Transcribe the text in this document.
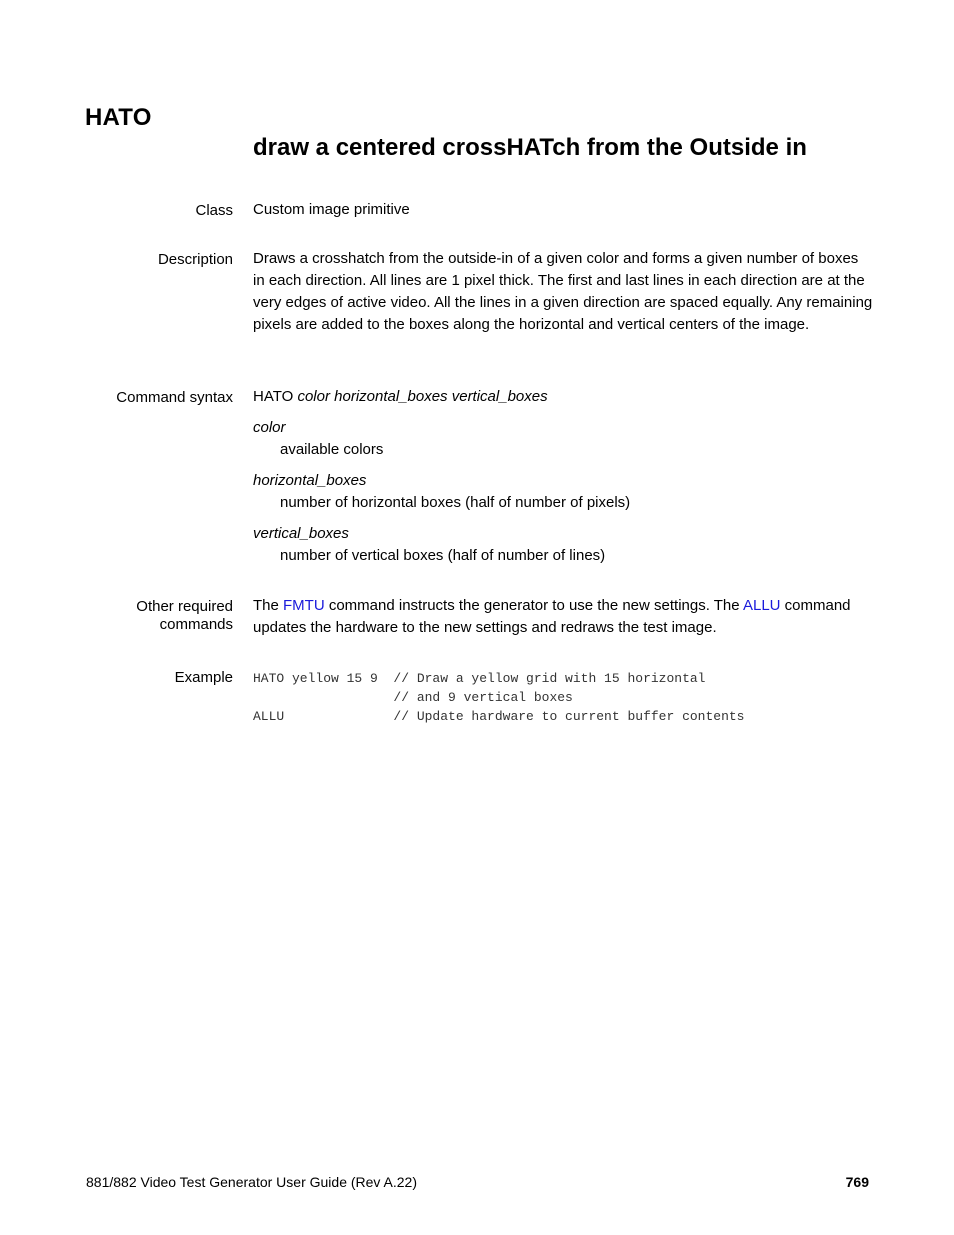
HATO
draw a centered crossHATch from the Outside in
Class Custom image primitive
Description Draws a crosshatch from the outside-in of a given color and forms a given number of boxes in each direction. All lines are 1 pixel thick. The first and last lines in each direction are at the very edges of active video. All the lines in a given direction are spaced equally. Any remaining pixels are added to the boxes along the horizontal and vertical centers of the image.
Command syntax HATO color horizontal_boxes vertical_boxes
color
available colors
horizontal_boxes
number of horizontal boxes (half of number of pixels)
vertical_boxes
number of vertical boxes (half of number of lines)
Other required
commands
The FMTU command instructs the generator to use the new settings. The ALLU command updates the hardware to the new settings and redraws the test image.
Example HATO yellow 15 9  // Draw a yellow grid with 15 horizontal
// and 9 vertical boxes
ALLU              // Update hardware to current buffer contents
881/882 Video Test Generator User Guide (Rev A.22)	769
